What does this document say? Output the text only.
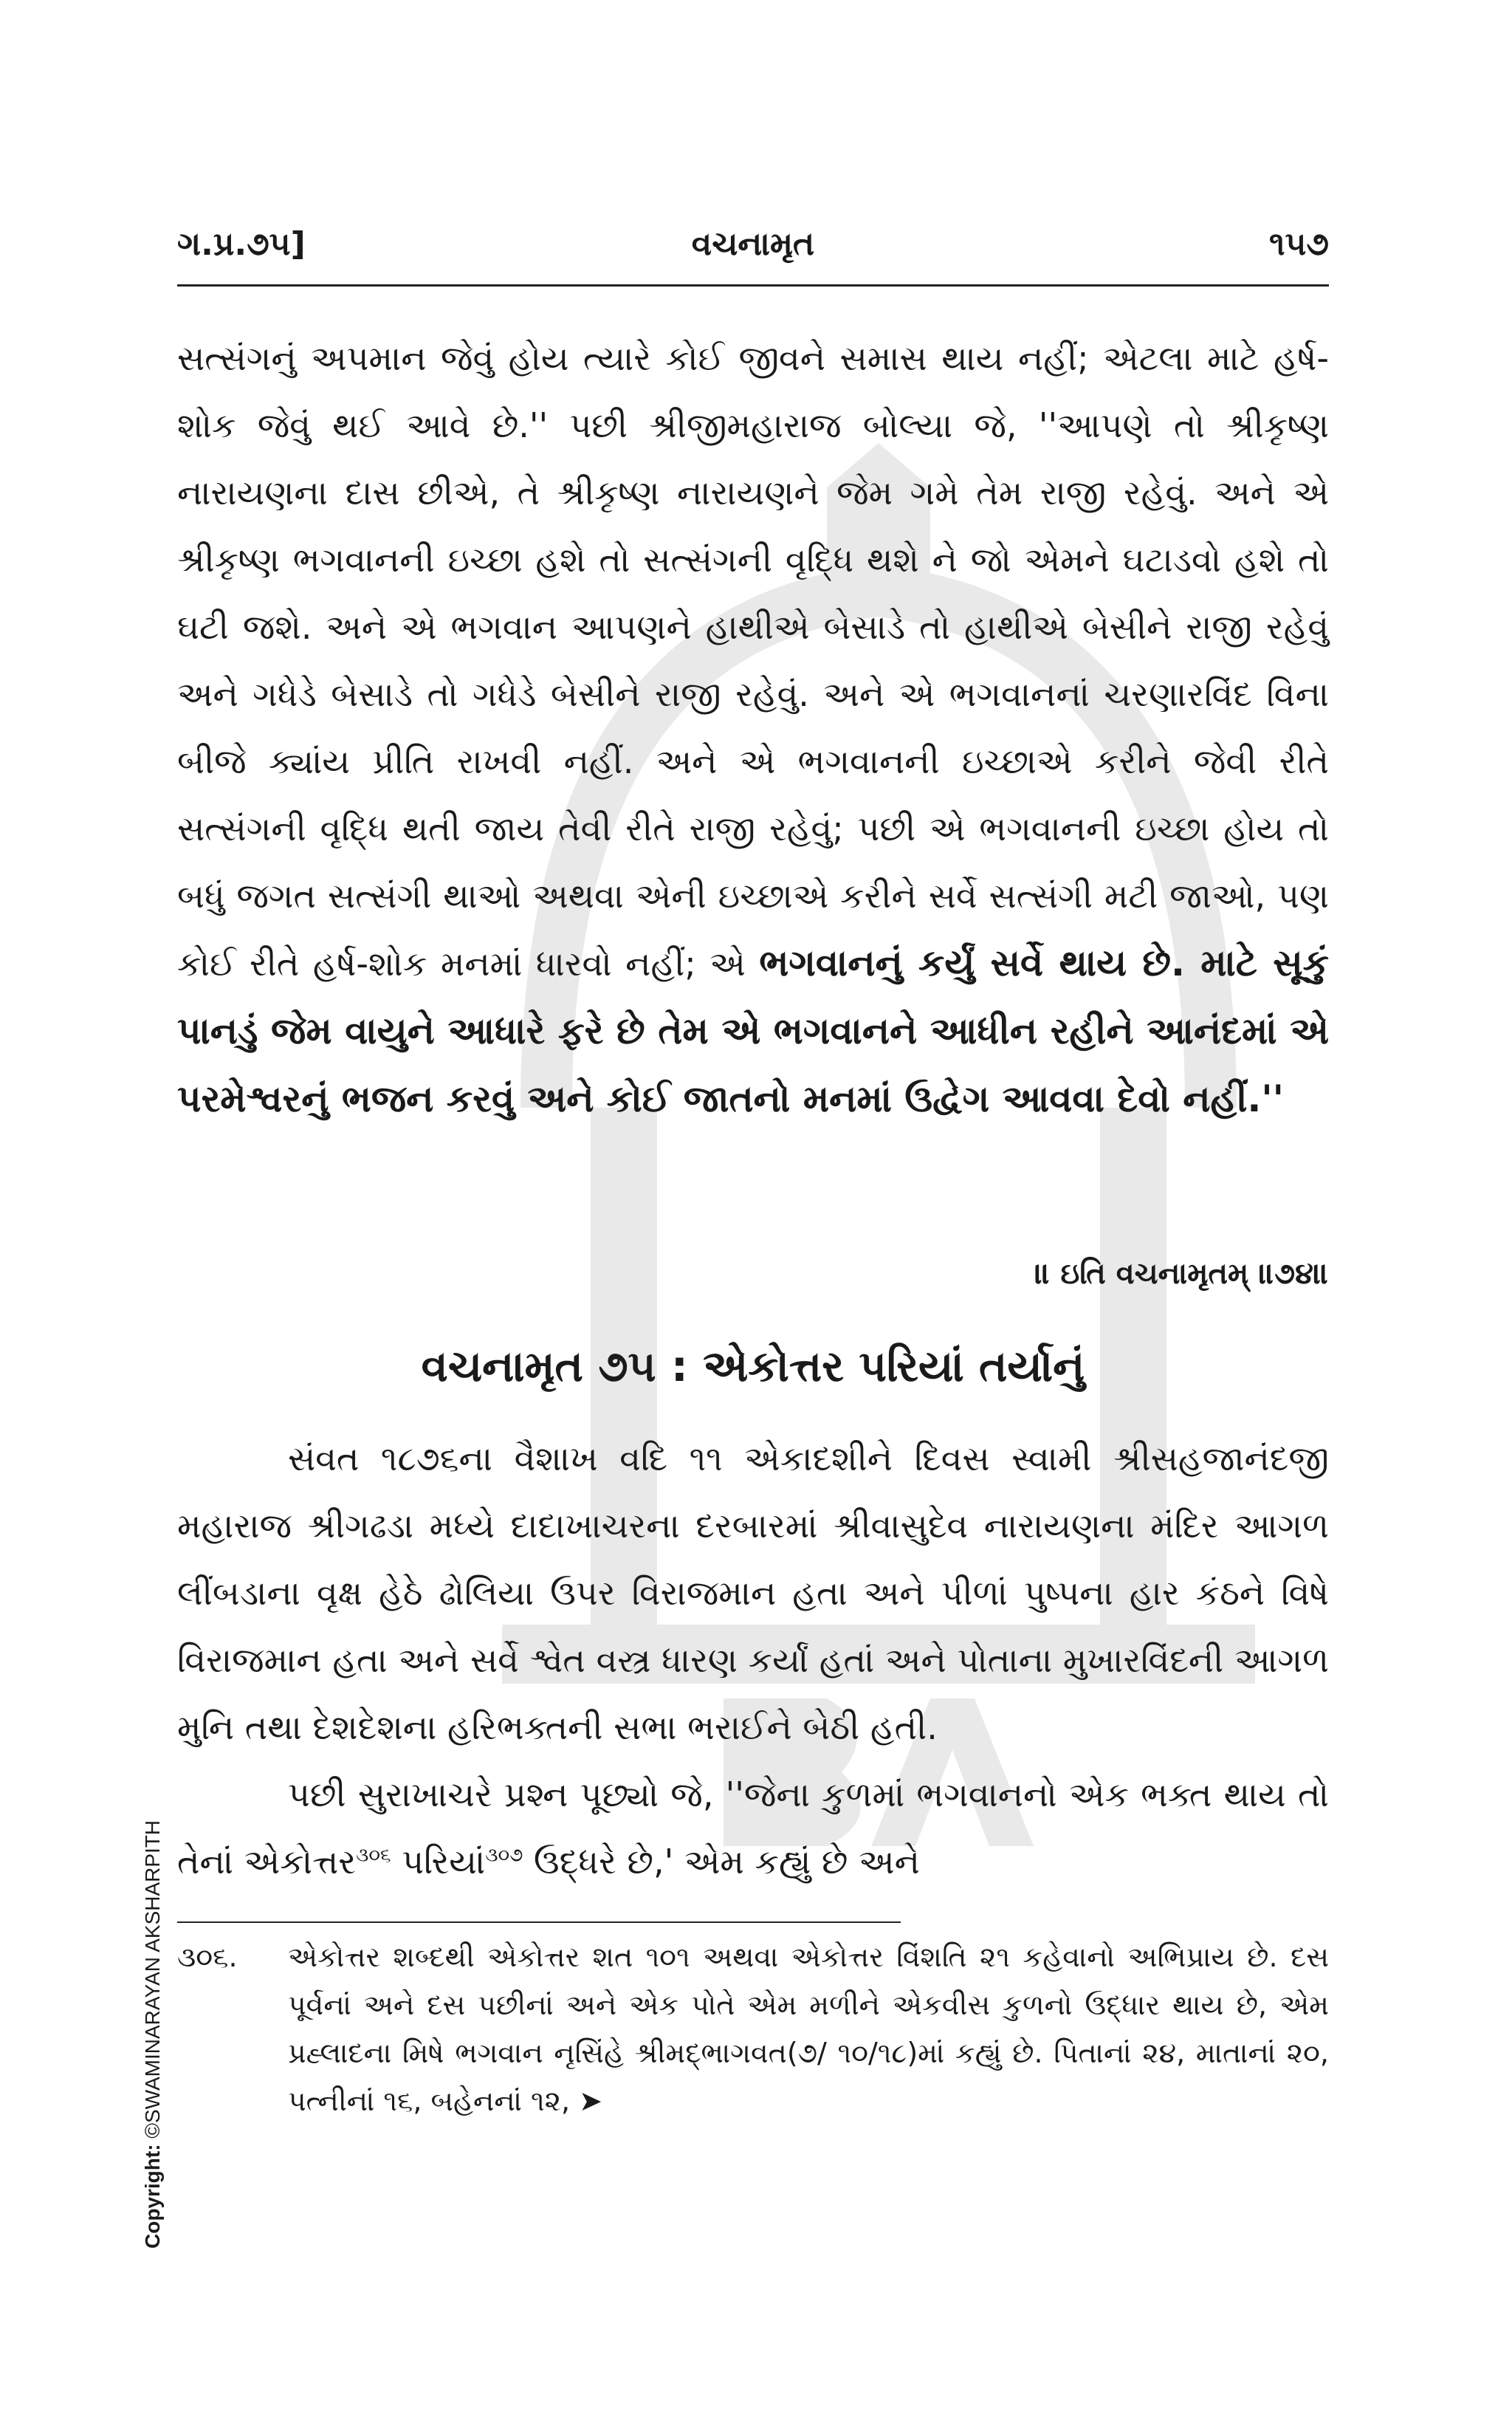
વચનામૃત
ગ.પ્ર.૭૫]	૧૫૭

સત્સંગનું અપમાન જેવું હોય ત્યારે કોઈ જીવને સમાસ થાય નહીં; એટલા માટે હર્ષ-શોક જેવું થઈ આવે છે.'' પછી શ્રીજીમહારાજ બોલ્યા જે, ''આપણે તો શ્રીકૃષ્ણ નારાયણના દાસ છીએ, તે શ્રીકૃષ્ણ નારાયણને જેમ ગમે તેમ રાજી રહેવું. અને એ શ્રીકૃષ્ણ ભગવાનની ઇચ્છા હશે તો સત્સંગની વૃદ્ધિ થશે ને જો એમને ઘટાડવો હશે તો ઘટી જશે. અને એ ભગવાન આપણને હાથીએ બેસાડે તો હાથીએ બેસીને રાજી રહેવું અને ગધેડે બેસાડે તો ગધેડે બેસીને રાજી રહેવું. અને એ ભગવાનનાં ચરણારવિંદ વિના બીજે ક્યાંય પ્રીતિ રાખવી નહીં. અને એ ભગવાનની ઇચ્છાએ કરીને જેવી રીતે સત્સંગની વૃદ્ધિ થતી જાય તેવી રીતે રાજી રહેવું; પછી એ ભગવાનની ઇચ્છા હોય તો બધું જગત સત્સંગી થાઓ અથવા એની ઇચ્છાએ કરીને સર્વે સત્સંગી મટી જાઓ, પણ કોઈ રીતે હર્ષ-શોક મનમાં ધારવો નહીં; એ ભગવાનનું કર્યું સર્વે થાય છે. માટે સૂકું પાનડું જેમ વાયુને આધારે ફરે છે તેમ એ ભગવાનને આધીન રહીને આનંદમાં એ પરમેશ્વરનું ભજન કરવું અને કોઈ જાતનો મનમાં ઉદ્વેગ આવવા દેવો નહીં.''

॥ ઇતિ વચનામૃતમ્ ॥૭૪॥
વચનામૃત ૭૫ : એકોત્તર પરિયાં તર્યાનું

સંવત ૧૮૭૬ના વૈશાખ વદિ ૧૧ એકાદશીને દિવસ સ્વામી શ્રીસહજાનંદજી મહારાજ શ્રીગઢડા મધ્યે દાદાખાચરના દરબારમાં શ્રીવાસુદેવ નારાયણના મંદિર આગળ લીંબડાના વૃક્ષ હેઠે ઢોલિયા ઉપર વિરાજમાન હતા અને પીળાં પુષ્પના હાર કંઠને વિષે વિરાજમાન હતા અને સર્વે શ્વેત વસ્ત્ર ધારણ કર્યાં હતાં અને પોતાના મુખારવિંદની આગળ મુનિ તથા દેશદેશના હરિભક્તની સભા ભરાઈને બેઠી હતી.

પછી સુરાખાચરે પ્રશ્ન પૂછ્યો જે, ''જેના કુળમાં ભગવાનનો એક ભક્ત થાય તો તેનાં એકોત્તર$^{૩૦૬}$ પરિયાં$^{૩૦૭}$ ઉદ્ધરે છે,' એમ કહ્યું છે અને

૩૦૬.	એકોત્તર શબ્દથી એકોત્તર શત ૧૦૧ અથવા એકોત્તર વિંશતિ ૨૧ કહેવાનો અભિપ્રાય છે. દસ પૂર્વનાં અને દસ પછીનાં અને એક પોતે એમ મળીને એકવીસ કુળનો ઉદ્ધાર થાય છે, એમ પ્રહ્લાદના મિષે ભગવાન નૃસિંહે શ્રીમદ્ભાગવત(૭/ ૧૦/૧૮)માં કહ્યું છે. પિતાનાં ૨૪, માતાનાં ૨૦, પત્નીનાં ૧૬, બહેનનાં ૧૨, ➤
Copyright: ©SWAMINARAYAN AKSHARPITH
